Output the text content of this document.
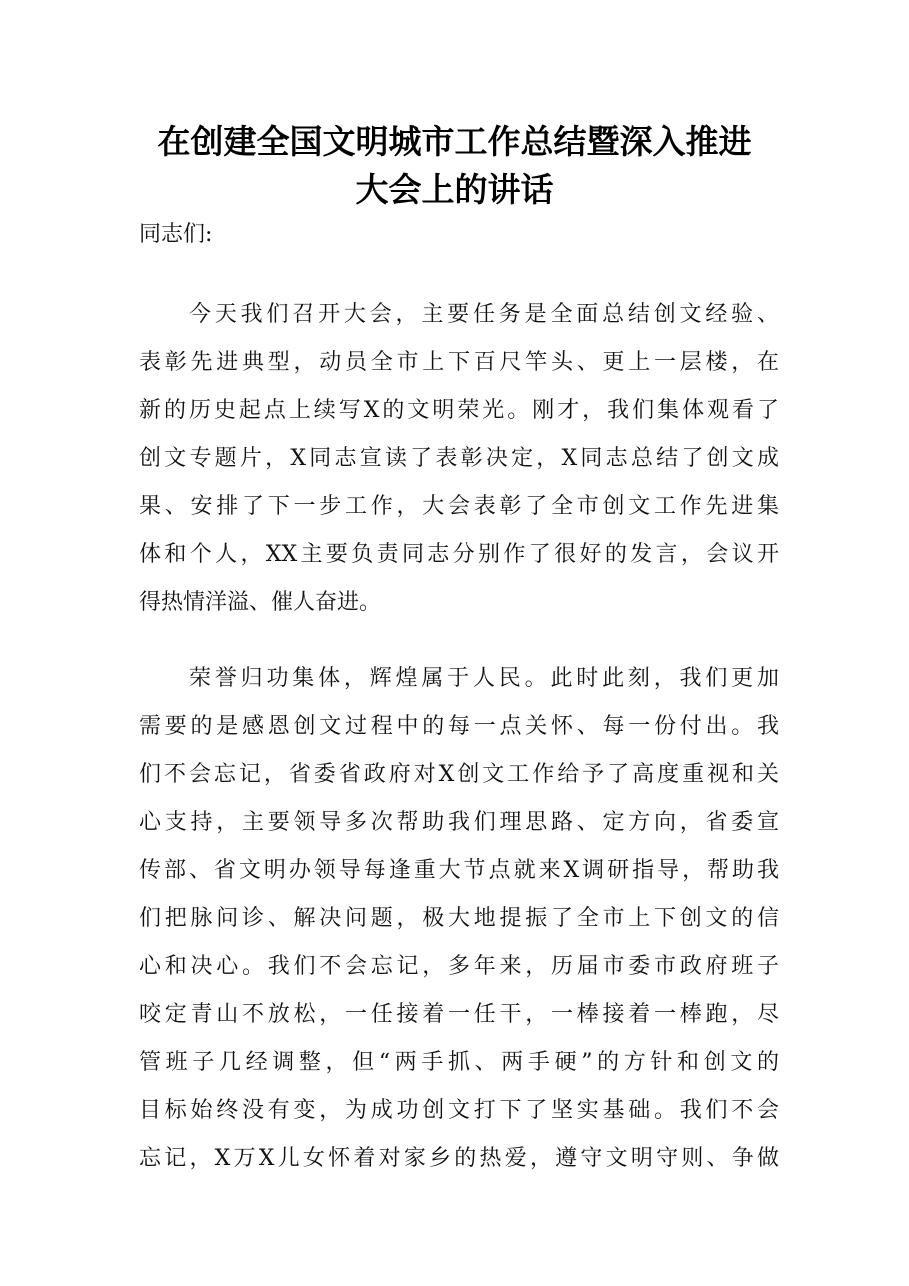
在创建全国文明城市工作总结暨深入推进
大会上的讲话

同志们:

今天我们召开大会，主要任务是全面总结创文经验、
表彰先进典型，动员全市上下百尺竿头、更上一层楼，在
新的历史起点上续写X的文明荣光。刚才，我们集体观看了
创文专题片，X同志宣读了表彰决定，X同志总结了创文成
果、安排了下一步工作，大会表彰了全市创文工作先进集
体和个人，XX主要负责同志分别作了很好的发言，会议开
得热情洋溢、催人奋进。

荣誉归功集体，辉煌属于人民。此时此刻，我们更加
需要的是感恩创文过程中的每一点关怀、每一份付出。我
们不会忘记，省委省政府对X创文工作给予了高度重视和关
心支持，主要领导多次帮助我们理思路、定方向，省委宣
传部、省文明办领导每逢重大节点就来X调研指导，帮助我
们把脉问诊、解决问题，极大地提振了全市上下创文的信
心和决心。我们不会忘记，多年来，历届市委市政府班子
咬定青山不放松，一任接着一任干，一棒接着一棒跑，尽
管班子几经调整，但“两手抓、两手硬”的方针和创文的
目标始终没有变，为成功创文打下了坚实基础。我们不会
忘记，X万X儿女怀着对家乡的热爱，遵守文明守则、争做
